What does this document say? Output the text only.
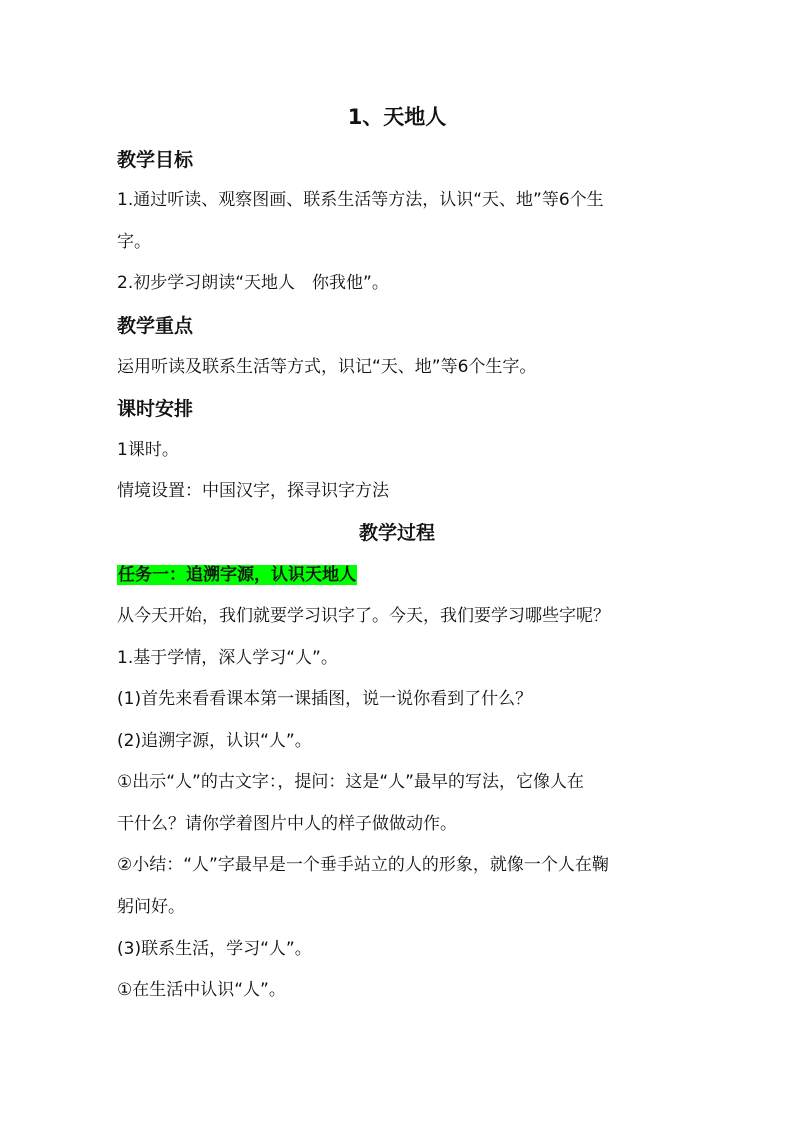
1、天地人
教学目标
1.通过听读、观察图画、联系生活等方法，认识“天、地”等6个生
字。
2.初步学习朗读“天地人　你我他”。
教学重点
运用听读及联系生活等方式，识记“天、地”等6个生字。
课时安排
1课时。
情境设置：中国汉字，探寻识字方法
教学过程
任务一：追溯字源，认识天地人
从今天开始，我们就要学习识字了。今天，我们要学习哪些字呢？
1.基于学情，深人学习“人”。
(1)首先来看看课本第一课插图，说一说你看到了什么？
(2)追溯字源，认识“人”。
①出示“人”的古文字：，提问：这是“人”最早的写法，它像人在
干什么？请你学着图片中人的样子做做动作。
②小结：“人”字最早是一个垂手站立的人的形象，就像一个人在鞠
躬问好。
(3)联系生活，学习“人”。
①在生活中认识“人”。
